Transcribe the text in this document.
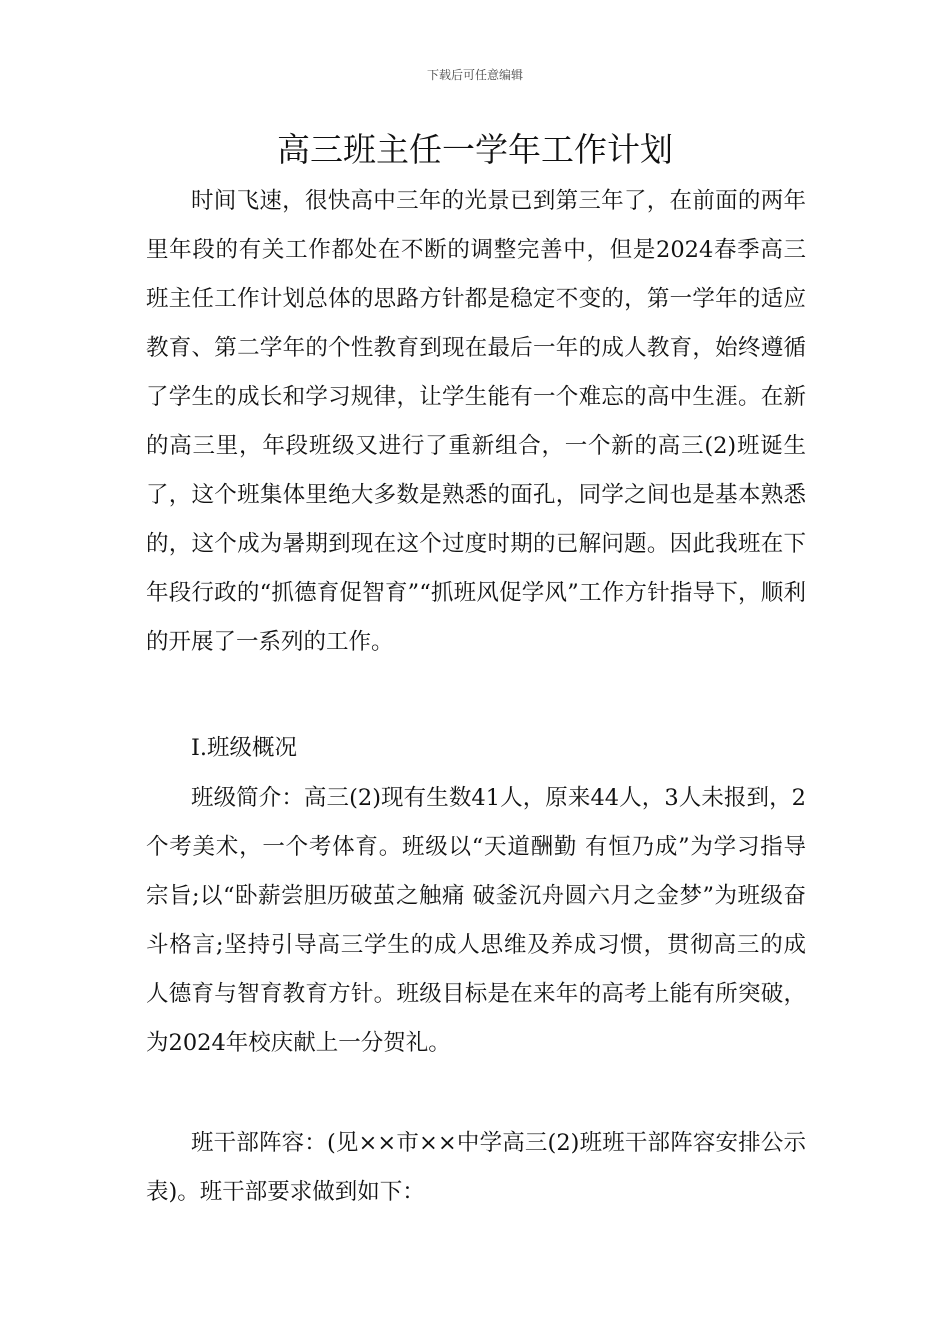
下载后可任意编辑
高三班主任一学年工作计划

时间飞速，很快高中三年的光景已到第三年了，在前面的两年里年段的有关工作都处在不断的调整完善中，但是2024春季高三班主任工作计划总体的思路方针都是稳定不变的，第一学年的适应教育、第二学年的个性教育到现在最后一年的成人教育，始终遵循了学生的成长和学习规律，让学生能有一个难忘的高中生涯。在新的高三里，年段班级又进行了重新组合，一个新的高三(2)班诞生了，这个班集体里绝大多数是熟悉的面孔，同学之间也是基本熟悉的，这个成为暑期到现在这个过度时期的已解问题。因此我班在下年段行政的“抓德育促智育”“抓班风促学风”工作方针指导下，顺利的开展了一系列的工作。

Ⅰ.班级概况

班级简介：高三(2)现有生数41人，原来44人，3人未报到，2个考美术，一个考体育。班级以“天道酬勤 有恒乃成”为学习指导宗旨;以“卧薪尝胆历破茧之触痛 破釜沉舟圆六月之金梦”为班级奋斗格言;坚持引导高三学生的成人思维及养成习惯，贯彻高三的成人德育与智育教育方针。班级目标是在来年的高考上能有所突破，为2024年校庆献上一分贺礼。

班干部阵容：(见××市××中学高三(2)班班干部阵容安排公示表)。班干部要求做到如下：
